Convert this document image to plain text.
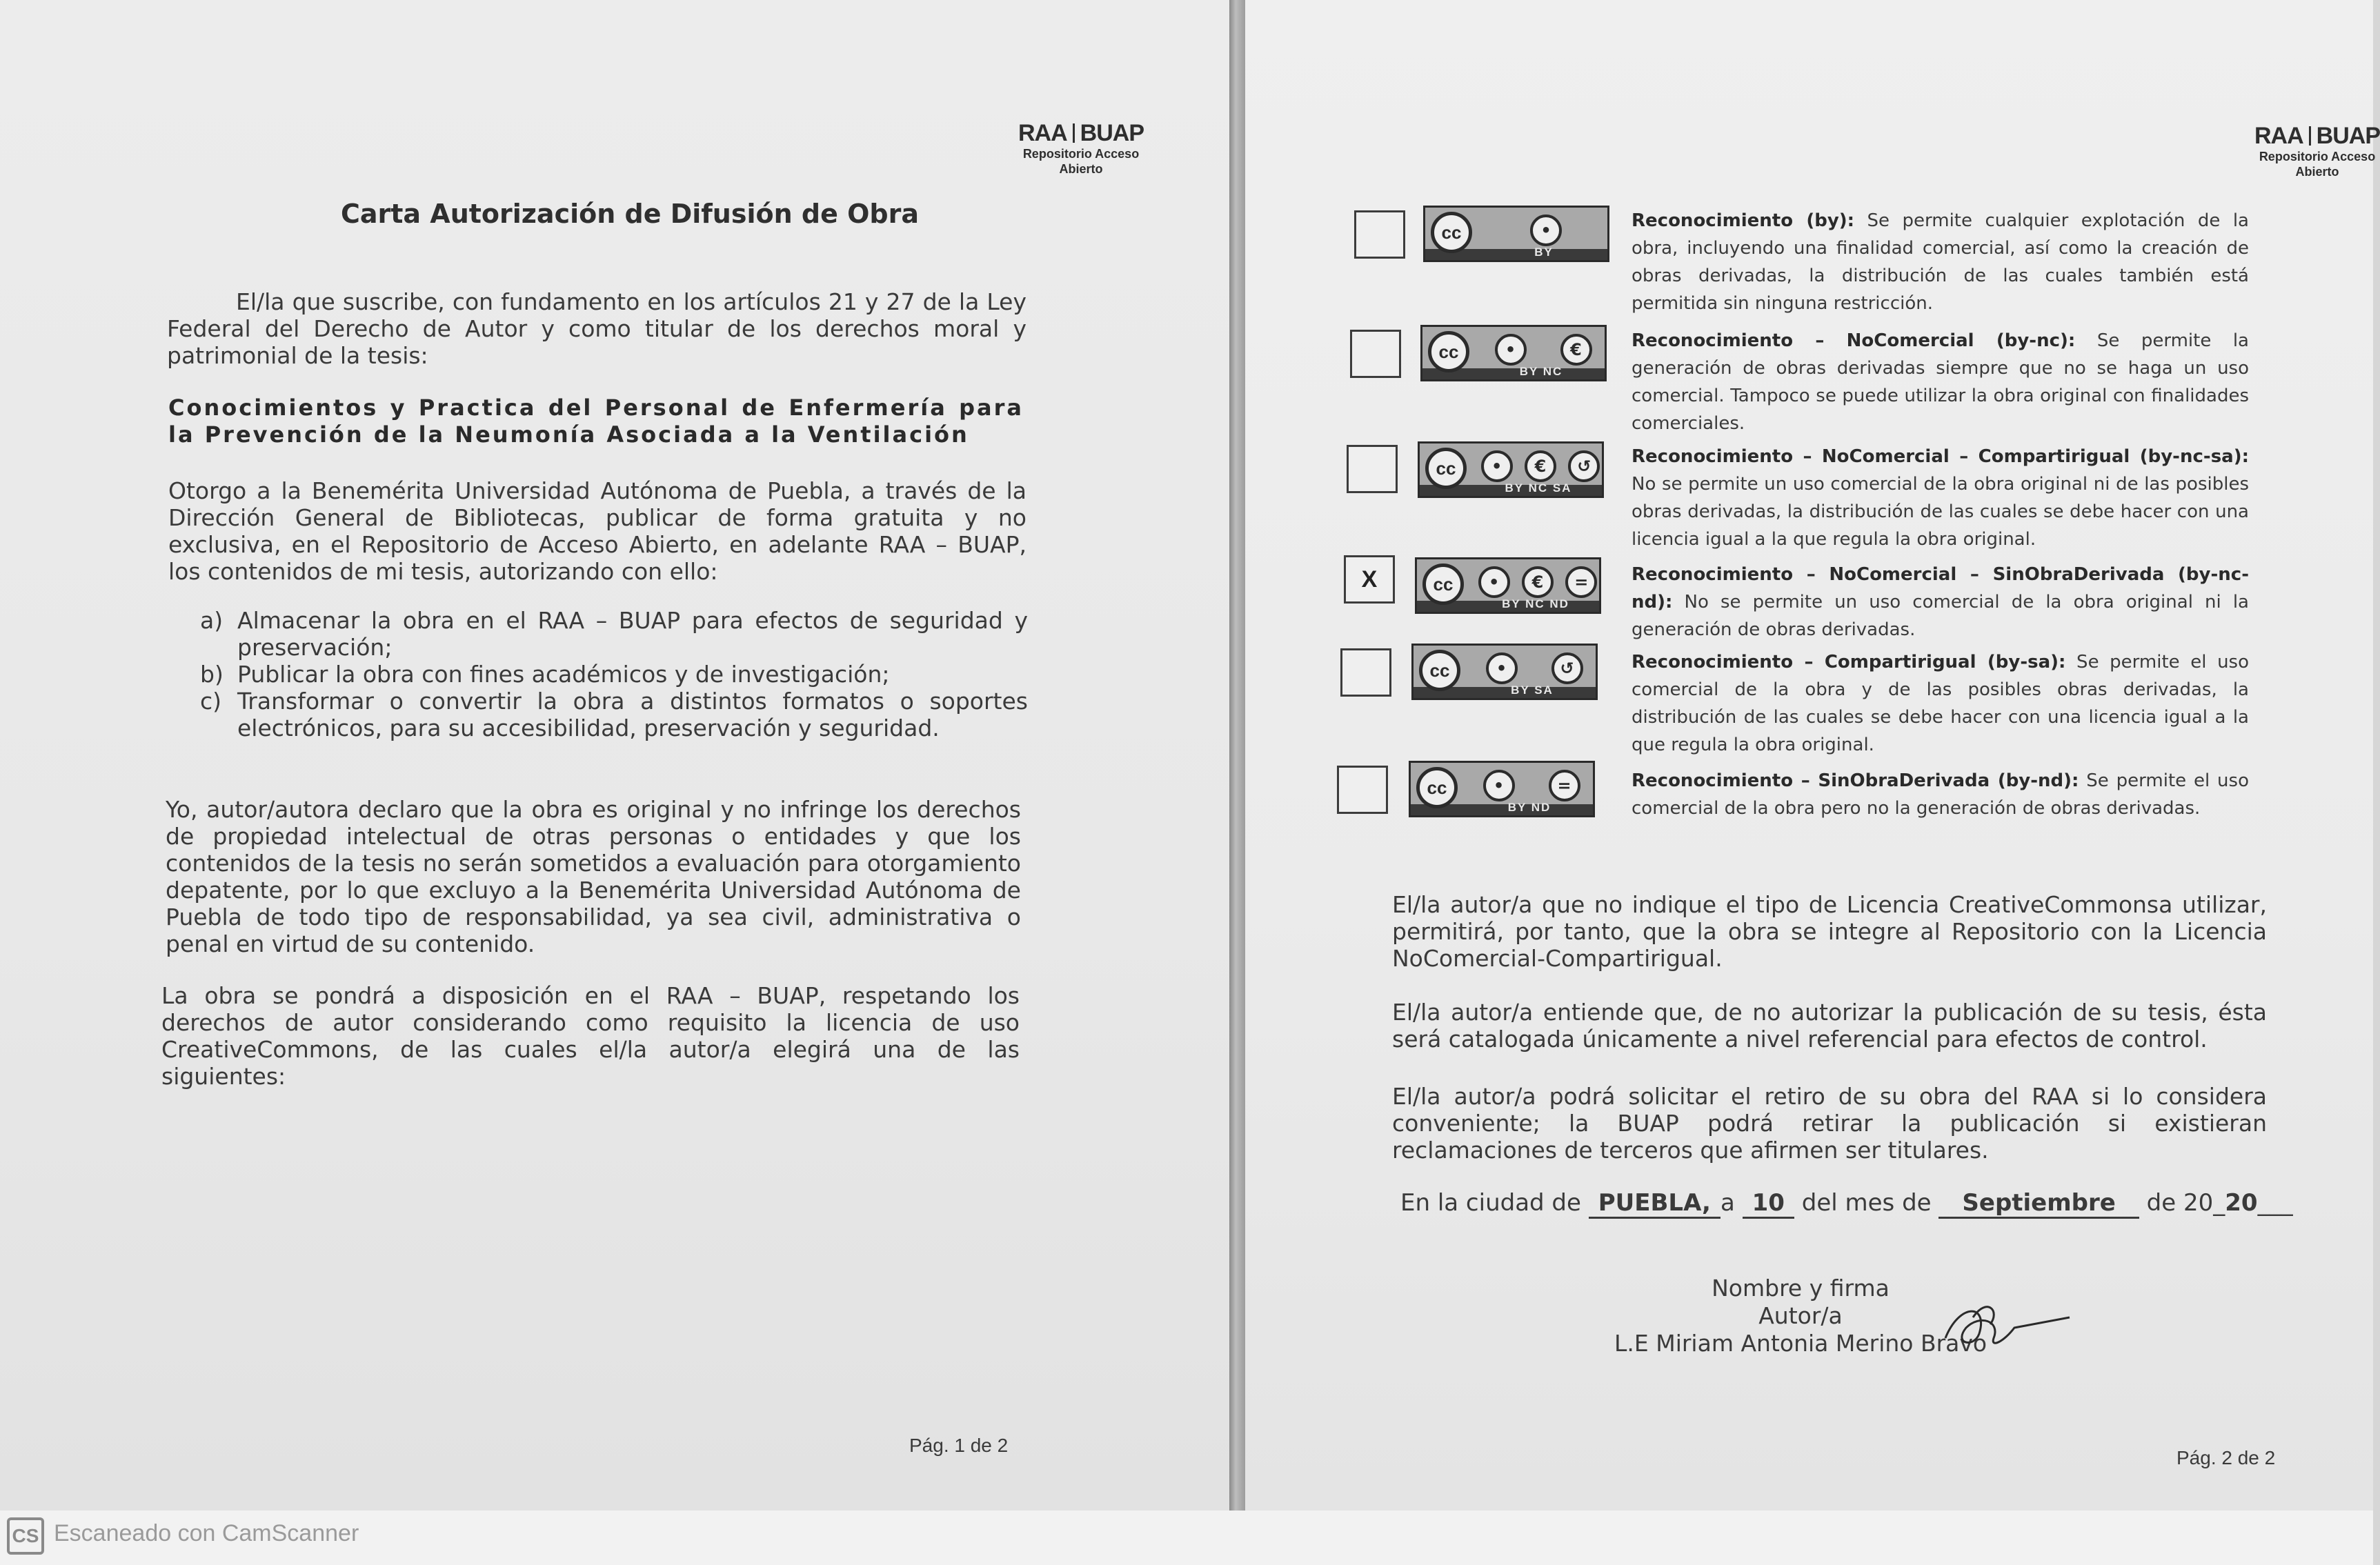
RAA BUAP
Repositorio Acceso
Abierto
Carta Autorización de Difusión de Obra
El/la que suscribe, con fundamento en los artículos 21 y 27 de la Ley Federal del Derecho de Autor y como titular de los derechos moral y patrimonial de la tesis:
Conocimientos y Practica del Personal de Enfermería para la Prevención de la Neumonía Asociada a la Ventilación
Otorgo a la Benemérita Universidad Autónoma de Puebla, a través de la Dirección General de Bibliotecas, publicar de forma gratuita y no exclusiva, en el Repositorio de Acceso Abierto, en adelante RAA – BUAP, los contenidos de mi tesis, autorizando con ello:
a) Almacenar la obra en el RAA – BUAP para efectos de seguridad y preservación;
b) Publicar la obra con fines académicos y de investigación;
c) Transformar o convertir la obra a distintos formatos o soportes electrónicos, para su accesibilidad, preservación y seguridad.
Yo, autor/autora declaro que la obra es original y no infringe los derechos de propiedad intelectual de otras personas o entidades y que los contenidos de la tesis no serán sometidos a evaluación para otorgamiento depatente, por lo que excluyo a la Benemérita Universidad Autónoma de Puebla de todo tipo de responsabilidad, ya sea civil, administrativa o penal en virtud de su contenido.
La obra se pondrá a disposición en el RAA – BUAP, respetando los derechos de autor considerando como requisito la licencia de uso CreativeCommons, de las cuales el/la autor/a elegirá una de las siguientes:
Pág. 1 de 2
RAA BUAP
Repositorio Acceso
Abierto
cc	•
BY
Reconocimiento (by): Se permite cualquier explotación de la obra, incluyendo una finalidad comercial, así como la creación de obras derivadas, la distribución de las cuales también está permitida sin ninguna restricción.
cc	•	€
BY NC
Reconocimiento – NoComercial (by-nc): Se permite la generación de obras derivadas siempre que no se haga un uso comercial. Tampoco se puede utilizar la obra original con finalidades comerciales.
cc	•	€	↺
BY NC SA
Reconocimiento – NoComercial – Compartirigual (by-nc-sa): No se permite un uso comercial de la obra original ni de las posibles obras derivadas, la distribución de las cuales se debe hacer con una licencia igual a la que regula la obra original.
X	cc	•	€	=
BY NC ND
Reconocimiento – NoComercial – SinObraDerivada (by-nc-nd): No se permite un uso comercial de la obra original ni la generación de obras derivadas.
cc	•	↺
BY SA
Reconocimiento – Compartirigual (by-sa): Se permite el uso comercial de la obra y de las posibles obras derivadas, la distribución de las cuales se debe hacer con una licencia igual a la que regula la obra original.
cc	•	=
BY ND
Reconocimiento – SinObraDerivada (by-nd): Se permite el uso comercial de la obra pero no la generación de obras derivadas.
El/la autor/a que no indique el tipo de Licencia CreativeCommonsa utilizar, permitirá, por tanto, que la obra se integre al Repositorio con la Licencia NoComercial-Compartirigual.
El/la autor/a entiende que, de no autorizar la publicación de su tesis, ésta será catalogada únicamente a nivel referencial para efectos de control.
El/la autor/a podrá solicitar el retiro de su obra del RAA si lo considera conveniente; la BUAP podrá retirar la publicación si existieran reclamaciones de terceros que afirmen ser titulares.
En la ciudad de PUEBLA, a 10 del mes de Septiembre de 20_20___
Nombre y firma
Autor/a
L.E Miriam Antonia Merino Bravo
Pág. 2 de 2
CS Escaneado con CamScanner
